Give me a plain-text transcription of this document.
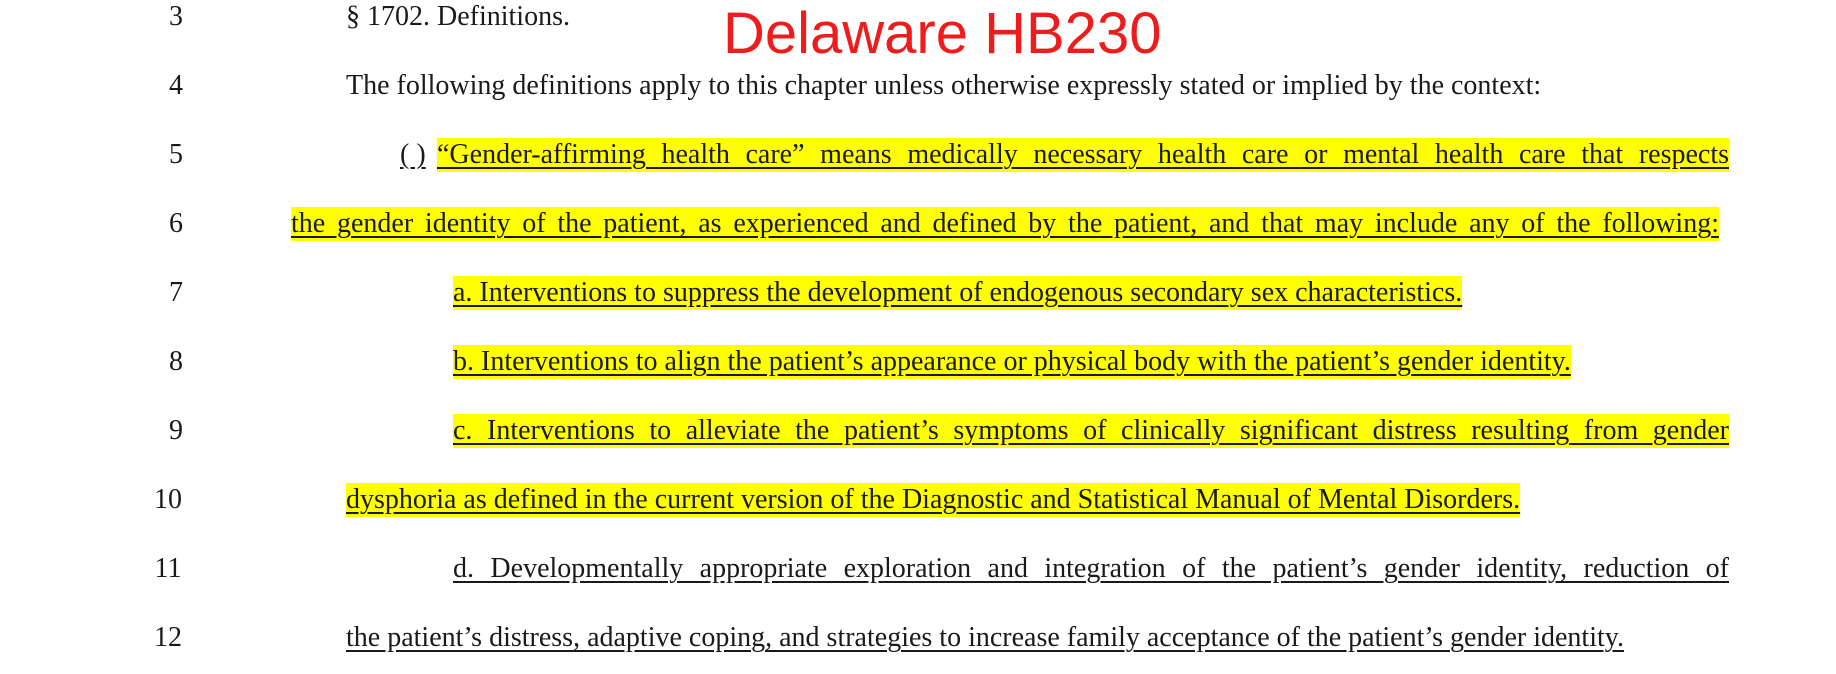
Delaware HB230
3	§ 1702. Definitions.
4	The following definitions apply to this chapter unless otherwise expressly stated or implied by the context:
5	( ) “Gender-affirming health care” means medically necessary health care or mental health care that respects
6	the gender identity of the patient, as experienced and defined by the patient, and that may include any of the following:
7	a. Interventions to suppress the development of endogenous secondary sex characteristics.
8	b. Interventions to align the patient’s appearance or physical body with the patient’s gender identity.
9	c. Interventions to alleviate the patient’s symptoms of clinically significant distress resulting from gender
10	dysphoria as defined in the current version of the Diagnostic and Statistical Manual of Mental Disorders.
11	d. Developmentally appropriate exploration and integration of the patient’s gender identity, reduction of
12	the patient’s distress, adaptive coping, and strategies to increase family acceptance of the patient’s gender identity.
